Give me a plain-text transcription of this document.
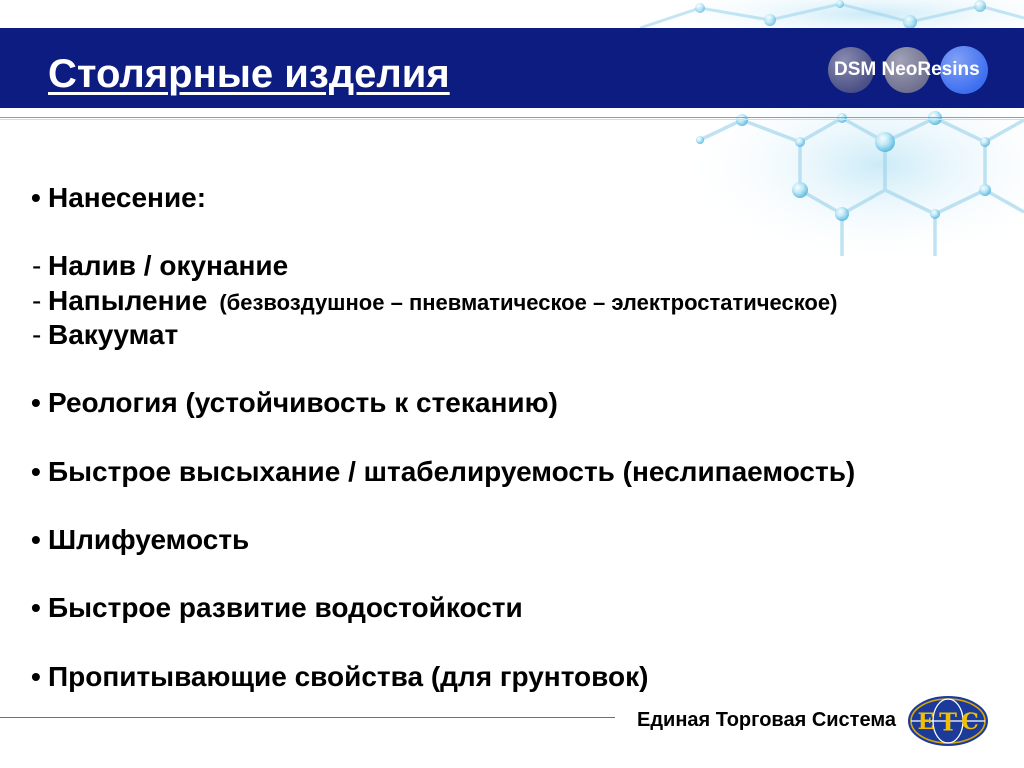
Столярные изделия	DSM NeoResins
• Нанесение:
- Налив / окунание
- Напыление (безвоздушное – пневматическое – электростатическое)
- Вакуумат
• Реология (устойчивость к стеканию)
• Быстрое высыхание / штабелируемость (неслипаемость)
• Шлифуемость
• Быстрое развитие водостойкости
• Пропитывающие свойства (для грунтовок)
Единая Торговая Система Е Т С
